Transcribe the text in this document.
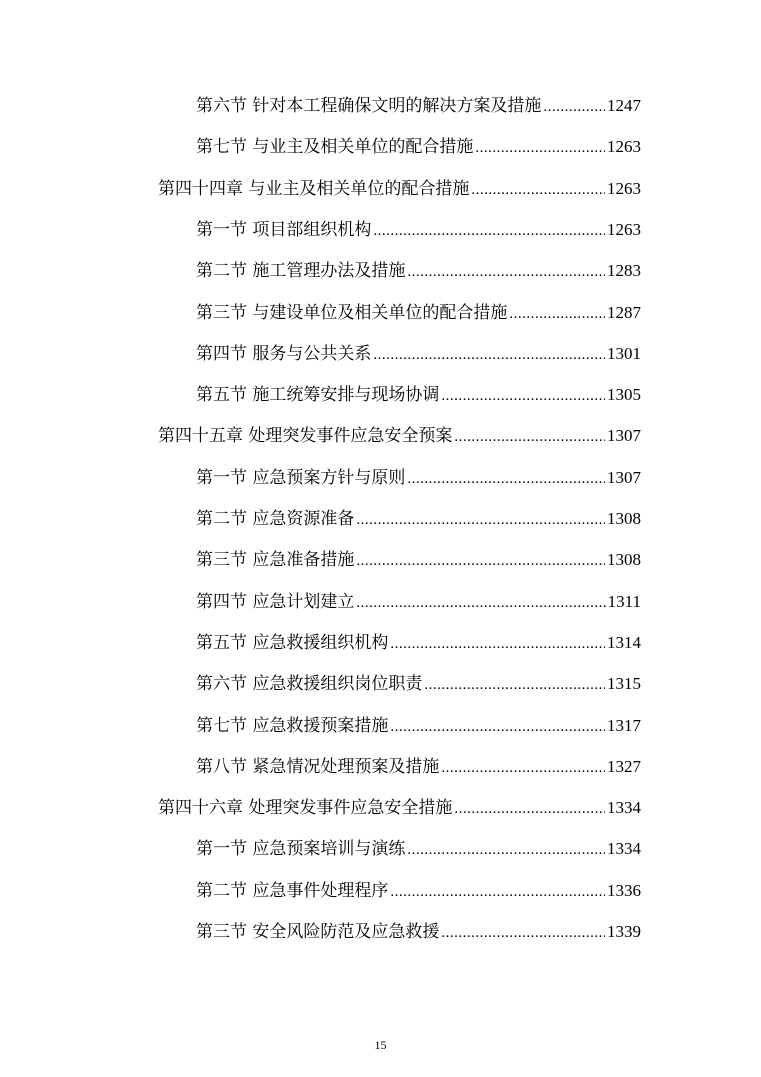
第六节 针对本工程确保文明的解决方案及措施 .....	1247
第七节 与业主及相关单位的配合措施 .....	1263
第四十四章 与业主及相关单位的配合措施 .....	1263
第一节 项目部组织机构 .....	1263
第二节 施工管理办法及措施 .....	1283
第三节 与建设单位及相关单位的配合措施 .....	1287
第四节 服务与公共关系 .....	1301
第五节 施工统筹安排与现场协调 .....	1305
第四十五章 处理突发事件应急安全预案 .....	1307
第一节 应急预案方针与原则 .....	1307
第二节 应急资源准备 .....	1308
第三节 应急准备措施 .....	1308
第四节 应急计划建立 .....	1311
第五节 应急救援组织机构 .....	1314
第六节 应急救援组织岗位职责 .....	1315
第七节 应急救援预案措施 .....	1317
第八节 紧急情况处理预案及措施 .....	1327
第四十六章 处理突发事件应急安全措施 .....	1334
第一节 应急预案培训与演练 .....	1334
第二节 应急事件处理程序 .....	1336
第三节 安全风险防范及应急救援 .....	1339
15
